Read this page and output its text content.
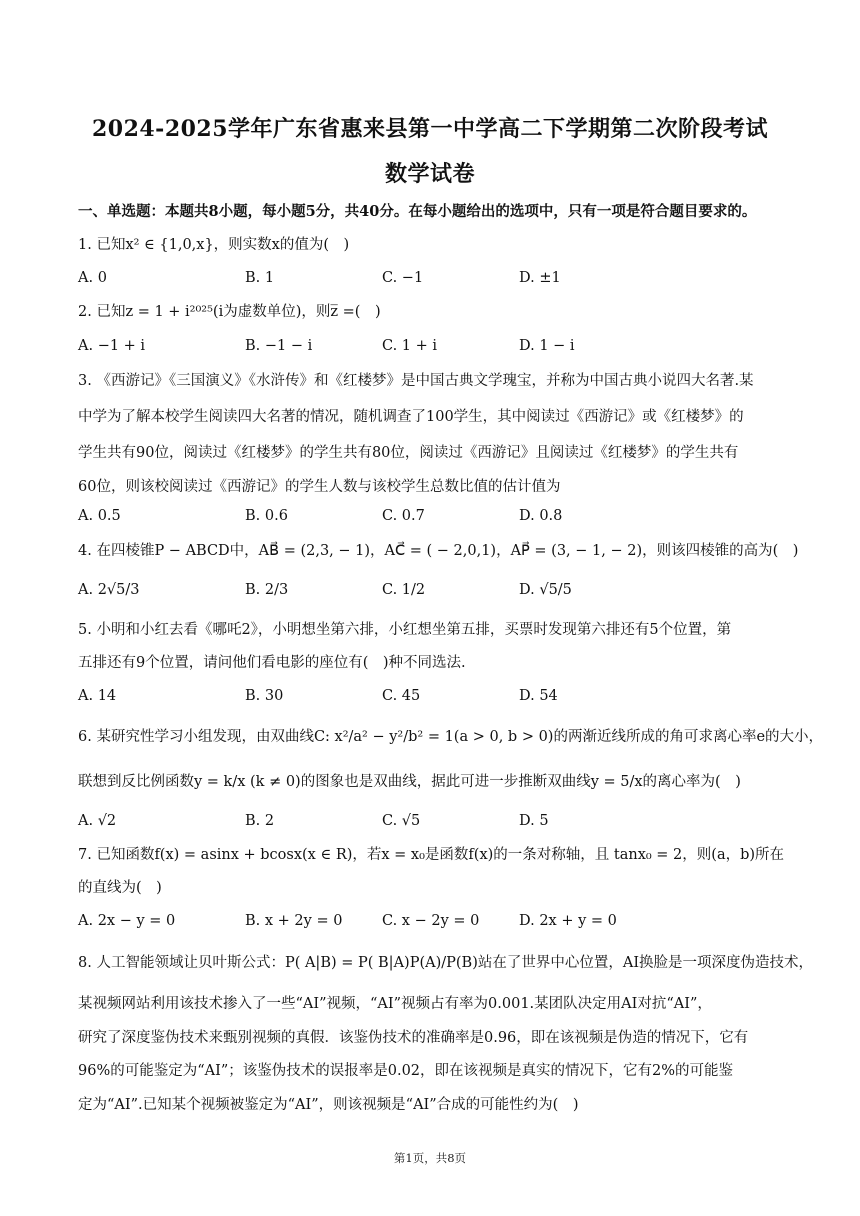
2024-2025学年广东省惠来县第一中学高二下学期第二次阶段考试
数学试卷
一、单选题：本题共8小题，每小题5分，共40分。在每小题给出的选项中，只有一项是符合题目要求的。
1. 已知x² ∈ {1,0,x}，则实数x的值为(　)
A. 0	B. 1	C. −1	D. ±1
2. 已知z = 1 + i²⁰²⁵(i为虚数单位)，则z̅ =(　)
A. −1 + i	B. −1 − i	C. 1 + i	D. 1 − i
3. 《西游记》《三国演义》《水浒传》和《红楼梦》是中国古典文学瑰宝，并称为中国古典小说四大名著.某
中学为了解本校学生阅读四大名著的情况，随机调查了100学生，其中阅读过《西游记》或《红楼梦》的
学生共有90位，阅读过《红楼梦》的学生共有80位，阅读过《西游记》且阅读过《红楼梦》的学生共有
60位，则该校阅读过《西游记》的学生人数与该校学生总数比值的估计值为
A. 0.5	B. 0.6	C. 0.7	D. 0.8
4. 在四棱锥P − ABCD中，AB⃗ = (2,3, − 1)，AC⃗ = ( − 2,0,1)，AP⃗ = (3, − 1, − 2)，则该四棱锥的高为(　)
A. 2√5/3	B. 2/3	C. 1/2	D. √5/5
5. 小明和小红去看《哪吒2》，小明想坐第六排，小红想坐第五排，买票时发现第六排还有5个位置，第
五排还有9个位置，请问他们看电影的座位有(　)种不同选法.
A. 14	B. 30	C. 45	D. 54
6. 某研究性学习小组发现，由双曲线C: x²/a² − y²/b² = 1(a > 0, b > 0)的两渐近线所成的角可求离心率e的大小，
联想到反比例函数y = k/x (k ≠ 0)的图象也是双曲线，据此可进一步推断双曲线y = 5/x的离心率为(　)
A. √2	B. 2	C. √5	D. 5
7. 已知函数f(x) = asinx + bcosx(x ∈ R)，若x = x₀是函数f(x)的一条对称轴，且 tanx₀ = 2，则(a，b)所在
的直线为(　)
A. 2x − y = 0	B. x + 2y = 0	C. x − 2y = 0	D. 2x + y = 0
8. 人工智能领域让贝叶斯公式：P( A|B) = P( B|A)P(A)/P(B)站在了世界中心位置，AI换脸是一项深度伪造技术，
某视频网站利用该技术掺入了一些“AI”视频，“AI”视频占有率为0.001.某团队决定用AI对抗“AI”，
研究了深度鉴伪技术来甄别视频的真假．该鉴伪技术的准确率是0.96，即在该视频是伪造的情况下，它有
96%的可能鉴定为“AI”；该鉴伪技术的误报率是0.02，即在该视频是真实的情况下，它有2%的可能鉴
定为“AI”.已知某个视频被鉴定为“AI”，则该视频是“AI”合成的可能性约为(　)
第1页，共8页
